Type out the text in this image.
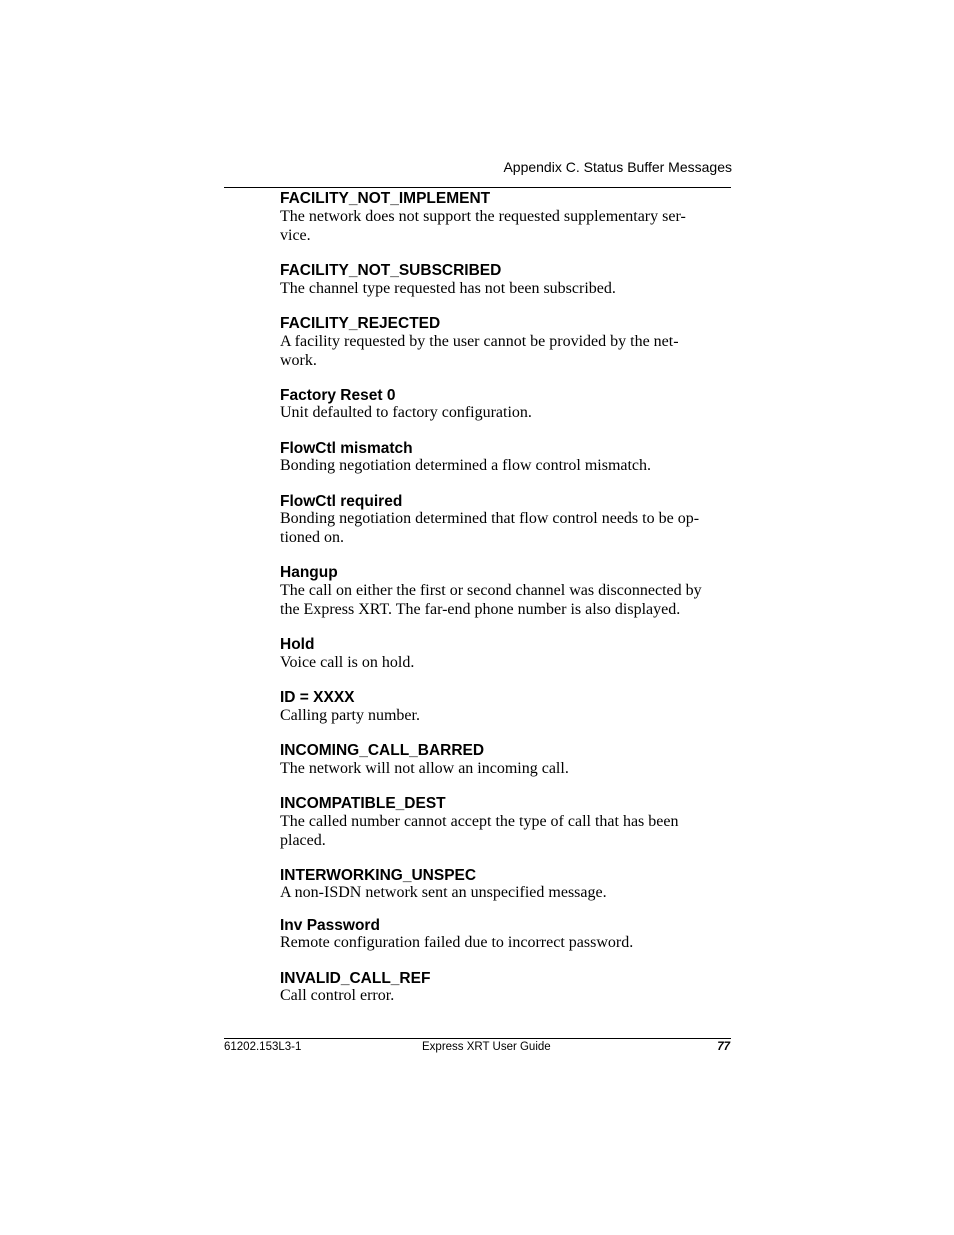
Appendix C. Status Buffer Messages
FACILITY_NOT_IMPLEMENT
The network does not support the requested supplementary ser-
vice.
FACILITY_NOT_SUBSCRIBED
The channel type requested has not been subscribed.
FACILITY_REJECTED
A facility requested by the user cannot be provided by the net-
work.
Factory Reset 0
Unit defaulted to factory configuration.
FlowCtl mismatch
Bonding negotiation determined a flow control mismatch.
FlowCtl required
Bonding negotiation determined that flow control needs to be op-
tioned on.
Hangup
The call on either the first or second channel was disconnected by
the Express XRT. The far-end phone number is also displayed.
Hold
Voice call is on hold.
ID = XXXX
Calling party number.
INCOMING_CALL_BARRED
The network will not allow an incoming call.
INCOMPATIBLE_DEST
The called number cannot accept the type of call that has been
placed.
INTERWORKING_UNSPEC
A non-ISDN network sent an unspecified message.
Inv Password
Remote configuration failed due to incorrect password.
INVALID_CALL_REF
Call control error.
61202.153L3-1	Express XRT User Guide	77
